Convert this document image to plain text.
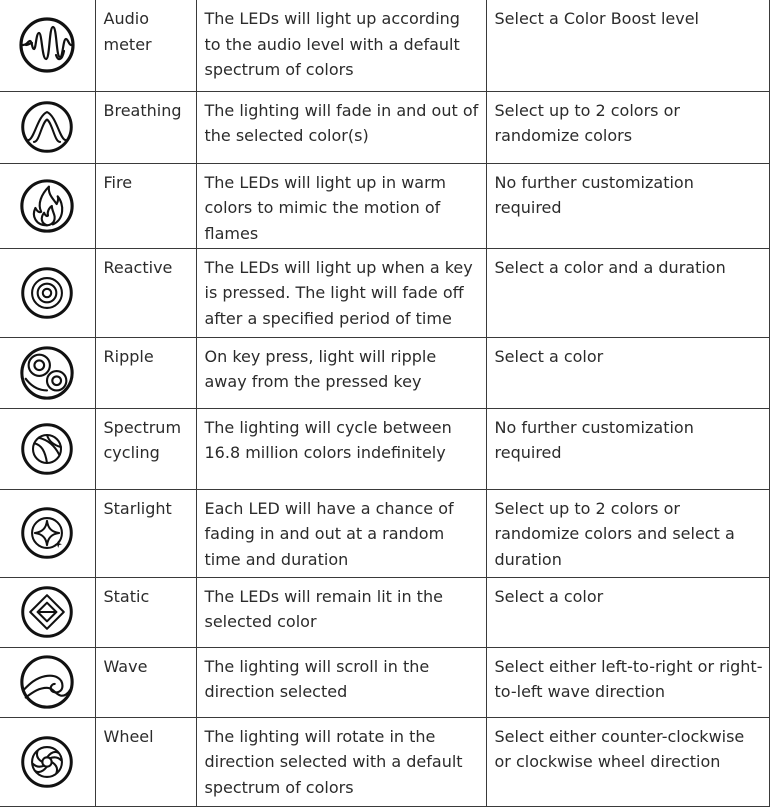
	Audio meter	The LEDs will light up according to the audio level with a default spectrum of colors	Select a Color Boost level

	Breathing	The lighting will fade in and out of the selected color(s)	Select up to 2 colors or randomize colors

	Fire	The LEDs will light up in warm colors to mimic the motion of flames	No further customization required

	Reactive	The LEDs will light up when a key is pressed. The light will fade off after a specified period of time	Select a color and a duration

	Ripple	On key press, light will ripple away from the pressed key	Select a color

	Spectrum cycling	The lighting will cycle between 16.8 million colors indefinitely	No further customization required

	Starlight	Each LED will have a chance of fading in and out at a random time and duration	Select up to 2 colors or randomize colors and select a duration

	Static	The LEDs will remain lit in the selected color	Select a color

	Wave	The lighting will scroll in the direction selected	Select either left-to-right or right-to-left wave direction

	Wheel	The lighting will rotate in the direction selected with a default spectrum of colors	Select either counter-clockwise or clockwise wheel direction
